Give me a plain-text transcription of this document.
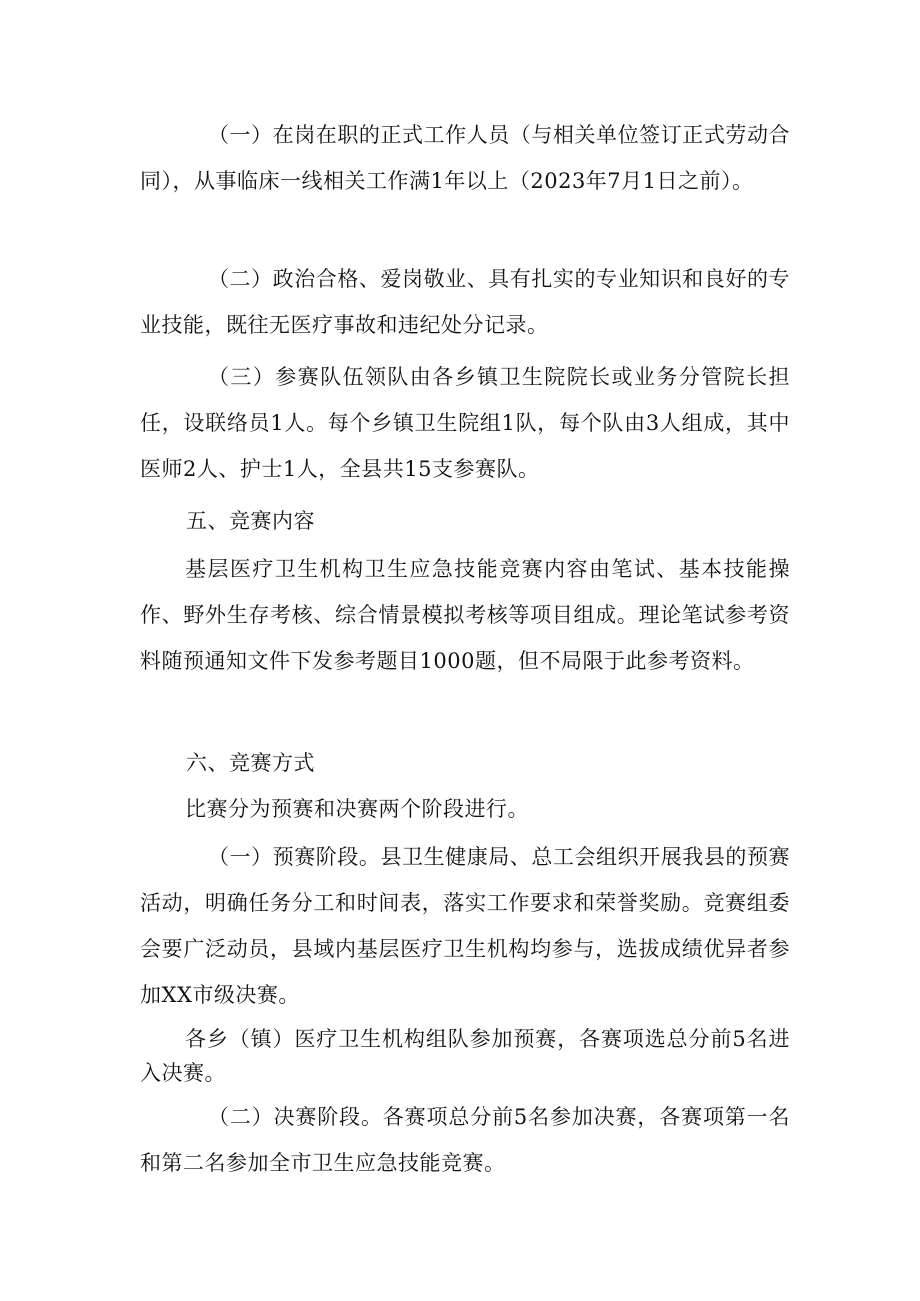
（一）在岗在职的正式工作人员（与相关单位签订正式劳动合同），从事临床一线相关工作满1年以上（2023年7月1日之前）。

（二）政治合格、爱岗敬业、具有扎实的专业知识和良好的专业技能，既往无医疗事故和违纪处分记录。

（三）参赛队伍领队由各乡镇卫生院院长或业务分管院长担任，设联络员1人。每个乡镇卫生院组1队，每个队由3人组成，其中医师2人、护士1人，全县共15支参赛队。

五、竞赛内容

基层医疗卫生机构卫生应急技能竞赛内容由笔试、基本技能操作、野外生存考核、综合情景模拟考核等项目组成。理论笔试参考资料随预通知文件下发参考题目1000题，但不局限于此参考资料。

六、竞赛方式

比赛分为预赛和决赛两个阶段进行。

（一）预赛阶段。县卫生健康局、总工会组织开展我县的预赛活动，明确任务分工和时间表，落实工作要求和荣誉奖励。竞赛组委会要广泛动员，县域内基层医疗卫生机构均参与，选拔成绩优异者参加XX市级决赛。

各乡（镇）医疗卫生机构组队参加预赛，各赛项选总分前5名进入决赛。

（二）决赛阶段。各赛项总分前5名参加决赛，各赛项第一名和第二名参加全市卫生应急技能竞赛。
